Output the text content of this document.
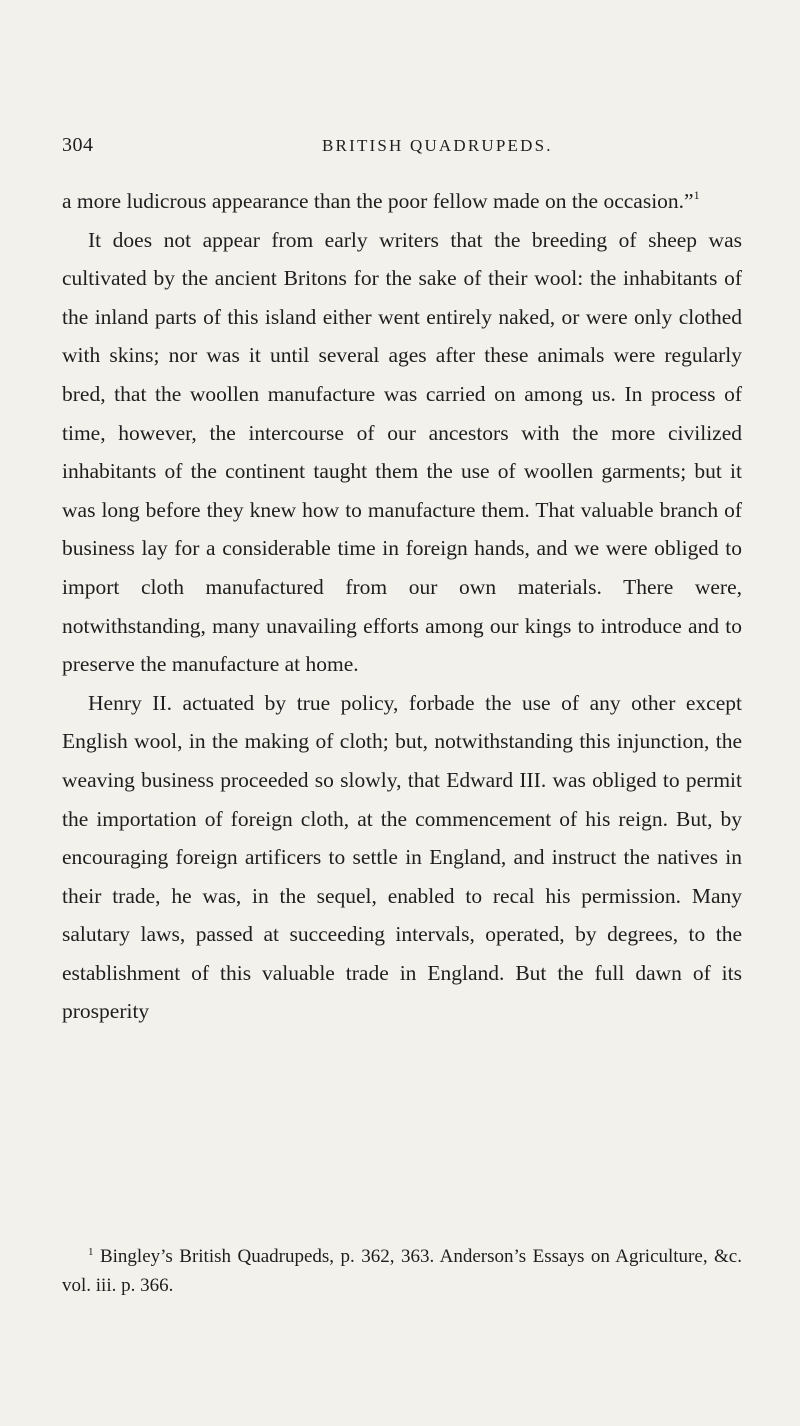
304	BRITISH QUADRUPEDS.

a more ludicrous appearance than the poor fellow made on the occasion.”$^1$

It does not appear from early writers that the breeding of sheep was cultivated by the ancient Britons for the sake of their wool: the inhabitants of the inland parts of this island either went entirely naked, or were only clothed with skins; nor was it until several ages after these animals were regularly bred, that the woollen manufacture was carried on among us. In process of time, however, the intercourse of our ancestors with the more civilized inhabitants of the continent taught them the use of woollen garments; but it was long before they knew how to manufacture them. That valuable branch of business lay for a considerable time in foreign hands, and we were obliged to import cloth manufactured from our own materials. There were, notwithstanding, many unavailing efforts among our kings to introduce and to preserve the manufacture at home.

Henry II. actuated by true policy, forbade the use of any other except English wool, in the making of cloth; but, notwithstanding this injunction, the weaving business proceeded so slowly, that Edward III. was obliged to permit the importation of foreign cloth, at the commencement of his reign. But, by encouraging foreign artificers to settle in England, and instruct the natives in their trade, he was, in the sequel, enabled to recal his permission. Many salutary laws, passed at succeeding intervals, operated, by degrees, to the establishment of this valuable trade in England. But the full dawn of its prosperity

$^1$ Bingley’s British Quadrupeds, p. 362, 363. Anderson’s Essays on Agriculture, &c. vol. iii. p. 366.
